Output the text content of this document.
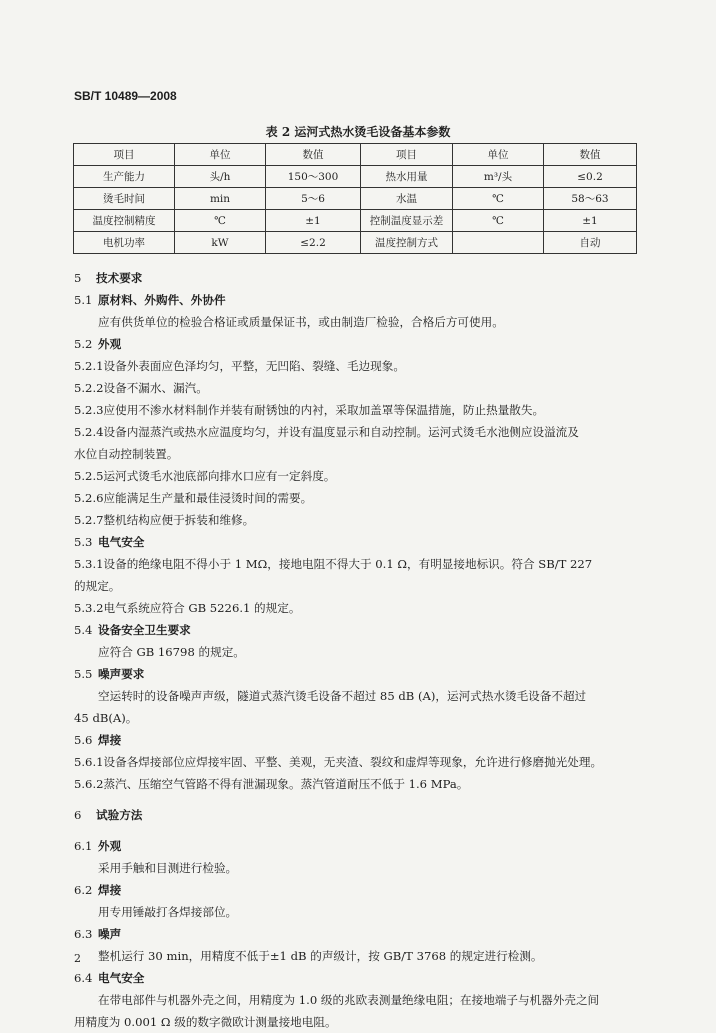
SB/T 10489—2008
表 2 运河式热水烫毛设备基本参数
项目	单位	数值	项目	单位	数值
生产能力	头/h	150～300	热水用量	m³/头	≤0.2
烫毛时间	min	5～6	水温	℃	58～63
温度控制精度	℃	±1	控制温度显示差	℃	±1
电机功率	kW	≤2.2	温度控制方式		自动
5 技术要求
5.1 原材料、外购件、外协件
应有供货单位的检验合格证或质量保证书，或由制造厂检验，合格后方可使用。
5.2 外观
5.2.1设备外表面应色泽均匀，平整，无凹陷、裂缝、毛边现象。
5.2.2设备不漏水、漏汽。
5.2.3应使用不渗水材料制作并装有耐锈蚀的内衬，采取加盖罩等保温措施，防止热量散失。
5.2.4设备内湿蒸汽或热水应温度均匀，并设有温度显示和自动控制。运河式烫毛水池侧应设溢流及
水位自动控制装置。
5.2.5运河式烫毛水池底部向排水口应有一定斜度。
5.2.6应能满足生产量和最佳浸烫时间的需要。
5.2.7整机结构应便于拆装和维修。
5.3 电气安全
5.3.1设备的绝缘电阻不得小于 1 MΩ，接地电阻不得大于 0.1 Ω，有明显接地标识。符合 SB/T 227
的规定。
5.3.2电气系统应符合 GB 5226.1 的规定。
5.4 设备安全卫生要求
应符合 GB 16798 的规定。
5.5 噪声要求
空运转时的设备噪声声级，隧道式蒸汽烫毛设备不超过 85 dB (A)，运河式热水烫毛设备不超过
45 dB(A)。
5.6 焊接
5.6.1设备各焊接部位应焊接牢固、平整、美观，无夹渣、裂纹和虚焊等现象，允许进行修磨抛光处理。
5.6.2蒸汽、压缩空气管路不得有泄漏现象。蒸汽管道耐压不低于 1.6 MPa。
6 试验方法
6.1 外观
采用手触和目测进行检验。
6.2 焊接
用专用锤敲打各焊接部位。
6.3 噪声
整机运行 30 min，用精度不低于±1 dB 的声级计，按 GB/T 3768 的规定进行检测。
6.4 电气安全
在带电部件与机器外壳之间，用精度为 1.0 级的兆欧表测量绝缘电阻；在接地端子与机器外壳之间
用精度为 0.001 Ω 级的数字微欧计测量接地电阻。
2
